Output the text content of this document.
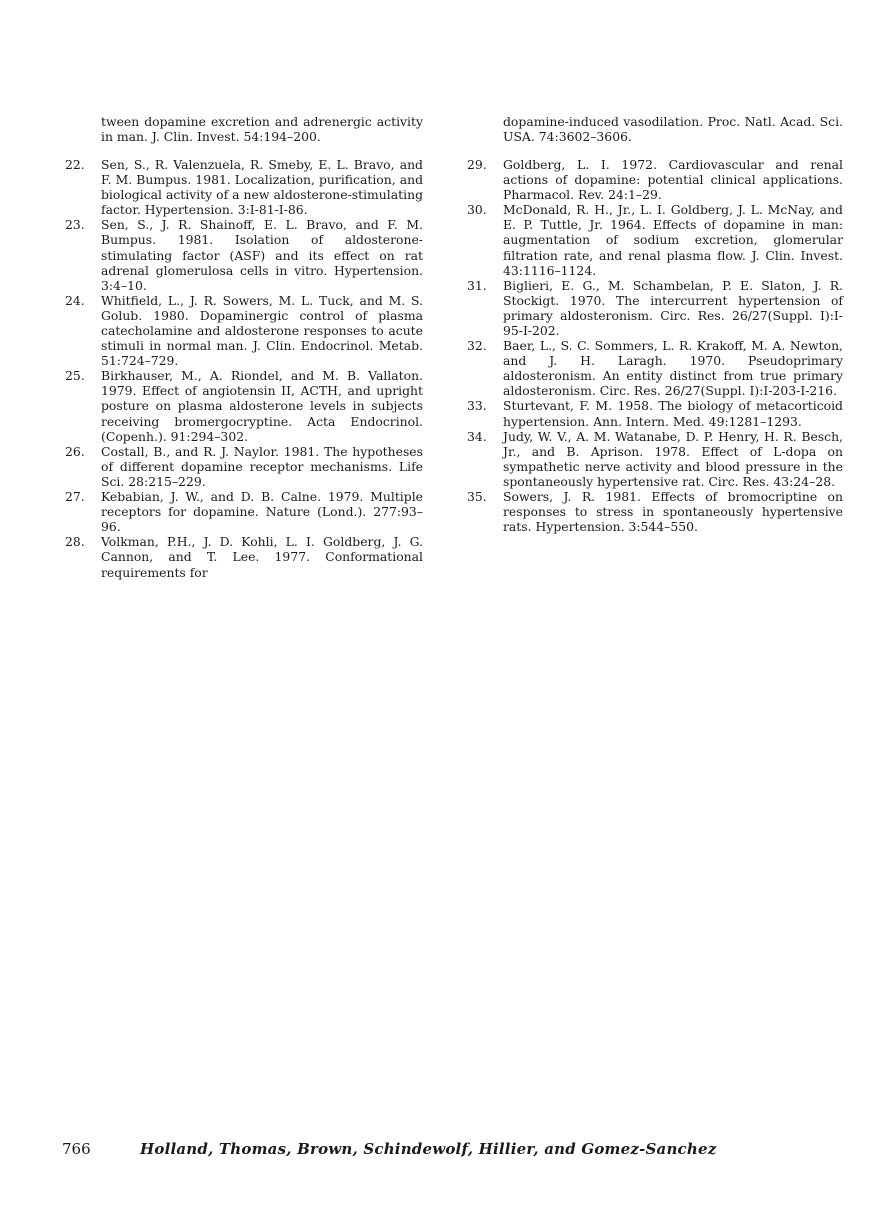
tween dopamine excretion and adrenergic activity in man. J. Clin. Invest. 54:194–200.

22.	Sen, S., R. Valenzuela, R. Smeby, E. L. Bravo, and F. M. Bumpus. 1981. Localization, purification, and biological activity of a new aldosterone-stimulating factor. Hypertension. 3:I-81-I-86.
23.	Sen, S., J. R. Shainoff, E. L. Bravo, and F. M. Bumpus. 1981. Isolation of aldosterone-stimulating factor (ASF) and its effect on rat adrenal glomerulosa cells in vitro. Hypertension. 3:4–10.
24.	Whitfield, L., J. R. Sowers, M. L. Tuck, and M. S. Golub. 1980. Dopaminergic control of plasma catecholamine and aldosterone responses to acute stimuli in normal man. J. Clin. Endocrinol. Metab. 51:724–729.
25.	Birkhauser, M., A. Riondel, and M. B. Vallaton. 1979. Effect of angiotensin II, ACTH, and upright posture on plasma aldosterone levels in subjects receiving bromergocryptine. Acta Endocrinol. (Copenh.). 91:294–302.
26.	Costall, B., and R. J. Naylor. 1981. The hypotheses of different dopamine receptor mechanisms. Life Sci. 28:215–229.
27.	Kebabian, J. W., and D. B. Calne. 1979. Multiple receptors for dopamine. Nature (Lond.). 277:93–96.
28.	Volkman, P.H., J. D. Kohli, L. I. Goldberg, J. G. Cannon, and T. Lee. 1977. Conformational requirements for

dopamine-induced vasodilation. Proc. Natl. Acad. Sci. USA. 74:3602–3606.

29.	Goldberg, L. I. 1972. Cardiovascular and renal actions of dopamine: potential clinical applications. Pharmacol. Rev. 24:1–29.
30.	McDonald, R. H., Jr., L. I. Goldberg, J. L. McNay, and E. P. Tuttle, Jr. 1964. Effects of dopamine in man: augmentation of sodium excretion, glomerular filtration rate, and renal plasma flow. J. Clin. Invest. 43:1116–1124.
31.	Biglieri, E. G., M. Schambelan, P. E. Slaton, J. R. Stockigt. 1970. The intercurrent hypertension of primary aldosteronism. Circ. Res. 26/27(Suppl. I):I-95-I-202.
32.	Baer, L., S. C. Sommers, L. R. Krakoff, M. A. Newton, and J. H. Laragh. 1970. Pseudoprimary aldosteronism. An entity distinct from true primary aldosteronism. Circ. Res. 26/27(Suppl. I):I-203-I-216.
33.	Sturtevant, F. M. 1958. The biology of metacorticoid hypertension. Ann. Intern. Med. 49:1281–1293.
34.	Judy, W. V., A. M. Watanabe, D. P. Henry, H. R. Besch, Jr., and B. Aprison. 1978. Effect of L-dopa on sympathetic nerve activity and blood pressure in the spontaneously hypertensive rat. Circ. Res. 43:24–28.
35.	Sowers, J. R. 1981. Effects of bromocriptine on responses to stress in spontaneously hypertensive rats. Hypertension. 3:544–550.
766	Holland, Thomas, Brown, Schindewolf, Hillier, and Gomez-Sanchez
